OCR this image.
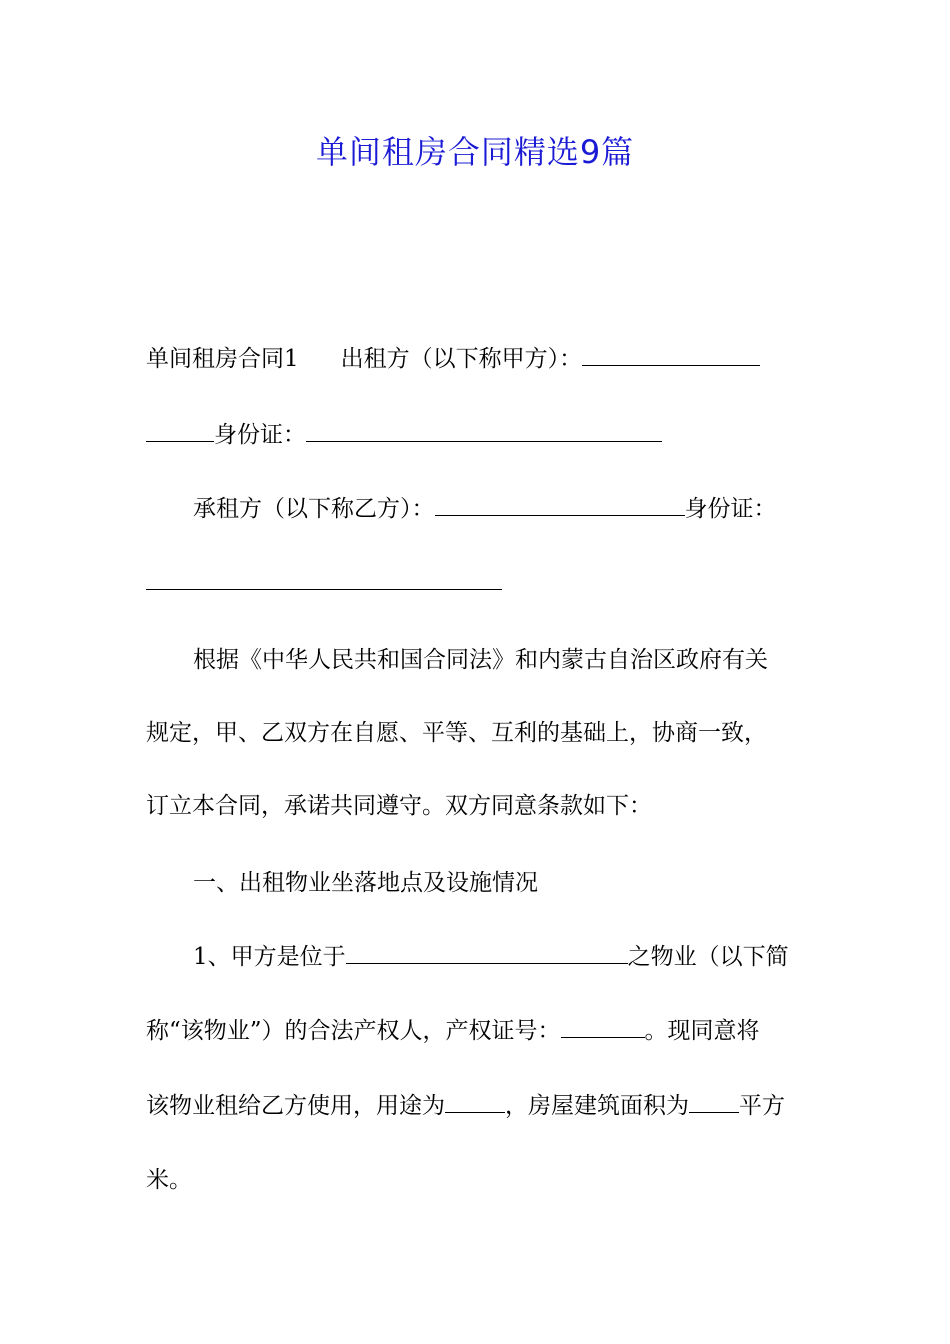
单间租房合同精选9篇
单间租房合同1 出租方（以下称甲方）：
身份证：
承租方（以下称乙方）：	身份证：
根据《中华人民共和国合同法》和内蒙古自治区政府有关
规定，甲、乙双方在自愿、平等、互利的基础上，协商一致，
订立本合同，承诺共同遵守。双方同意条款如下：
一、出租物业坐落地点及设施情况
1、甲方是位于	之物业（以下简
称“该物业”）的合法产权人，产权证号：	。现同意将
该物业租给乙方使用，用途为	，房屋建筑面积为 平方
米。
